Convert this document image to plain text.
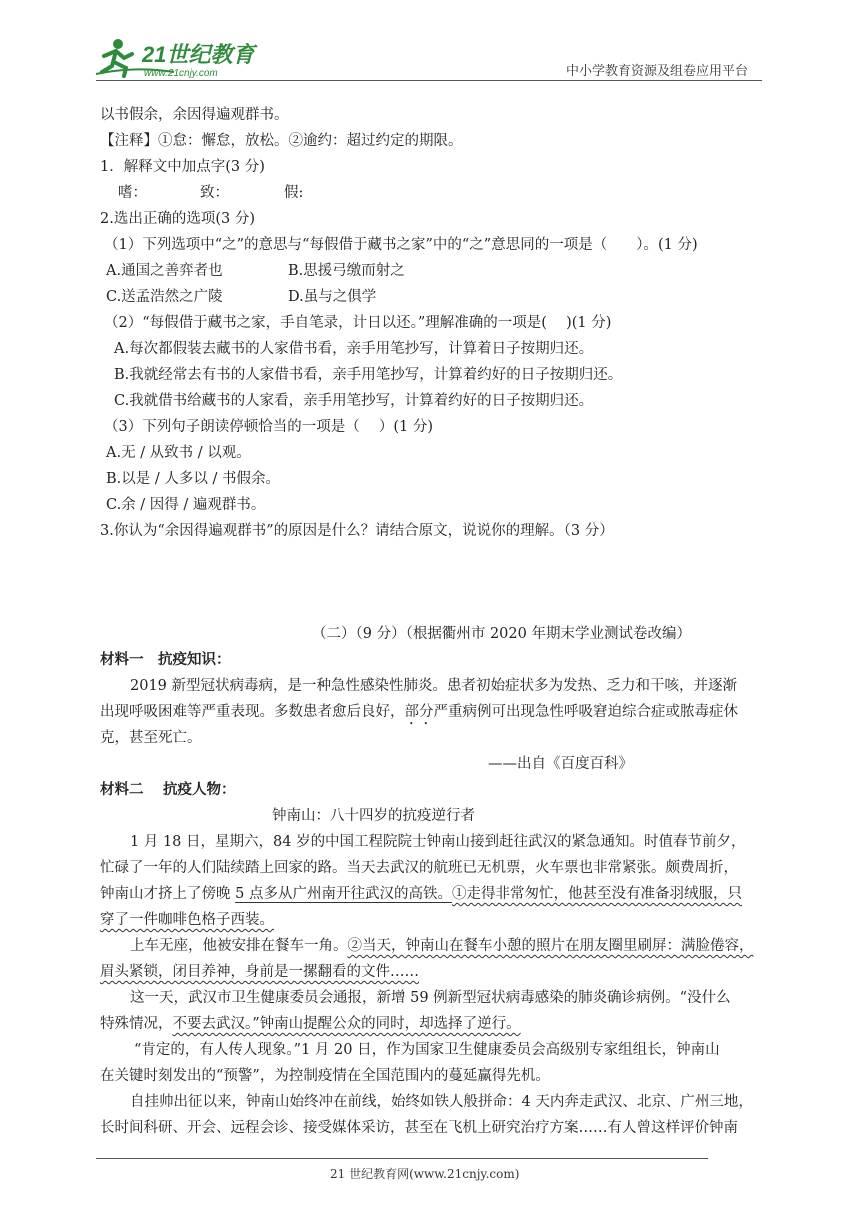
21世纪教育
www.21cnjy.com	中小学教育资源及组卷应用平台
以书假余，余因得遍观群书。
【注释】①怠：懈怠，放松。②逾约：超过约定的期限。
1．解释文中加点字(3 分)
嗜：	致：	假:
2.选出正确的选项(3 分)
（1）下列选项中“之”的意思与“每假借于藏书之家”中的“之”意思同的一项是（　　）。(1 分)
A.通国之善弈者也	B.思援弓缴而射之
C.送孟浩然之广陵	D.虽与之俱学
（2）“每假借于藏书之家，手自笔录，计日以还。”理解准确的一项是(　 )(1 分)
A.每次都假装去藏书的人家借书看，亲手用笔抄写，计算着日子按期归还。
B.我就经常去有书的人家借书看，亲手用笔抄写，计算着约好的日子按期归还。
C.我就借书给藏书的人家看，亲手用笔抄写，计算着约好的日子按期归还。
（3）下列句子朗读停顿恰当的一项是（　 ）(1 分)
A.无 / 从致书 / 以观。
B.以是 / 人多以 / 书假余。
C.余 / 因得 / 遍观群书。
3.你认为“余因得遍观群书”的原因是什么？请结合原文，说说你的理解。（3 分）
（二）（9 分）（根据衢州市 2020 年期末学业测试卷改编）
材料一　抗疫知识：
2019 新型冠状病毒病，是一种急性感染性肺炎。患者初始症状多为发热、乏力和干咳，并逐渐
出现呼吸困难等严重表现。多数患者愈后良好，部分严重病例可出现急性呼吸窘迫综合症或脓毒症休
克，甚至死亡。
——出自《百度百科》
材料二　 抗疫人物：
钟南山：八十四岁的抗疫逆行者
1 月 18 日，星期六，84 岁的中国工程院院士钟南山接到赶往武汉的紧急通知。时值春节前夕，
忙碌了一年的人们陆续踏上回家的路。当天去武汉的航班已无机票，火车票也非常紧张。颇费周折，
钟南山才挤上了傍晚 5 点多从广州南开往武汉的高铁。①走得非常匆忙，他甚至没有准备羽绒服，只
穿了一件咖啡色格子西装。
上车无座，他被安排在餐车一角。②当天，钟南山在餐车小憩的照片在朋友圈里刷屏：满脸倦容，
眉头紧锁，闭目养神，身前是一摞翻看的文件……
这一天，武汉市卫生健康委员会通报，新增 59 例新型冠状病毒感染的肺炎确诊病例。“没什么
特殊情况，不要去武汉。”钟南山提醒公众的同时，却选择了逆行。
“肯定的，有人传人现象。”1 月 20 日，作为国家卫生健康委员会高级别专家组组长，钟南山
在关键时刻发出的“预警”，为控制疫情在全国范围内的蔓延赢得先机。
自挂帅出征以来，钟南山始终冲在前线，始终如铁人般拼命：4 天内奔走武汉、北京、广州三地，
长时间科研、开会、远程会诊、接受媒体采访，甚至在飞机上研究治疗方案……有人曾这样评价钟南
21 世纪教育网(www.21cnjy.com)
